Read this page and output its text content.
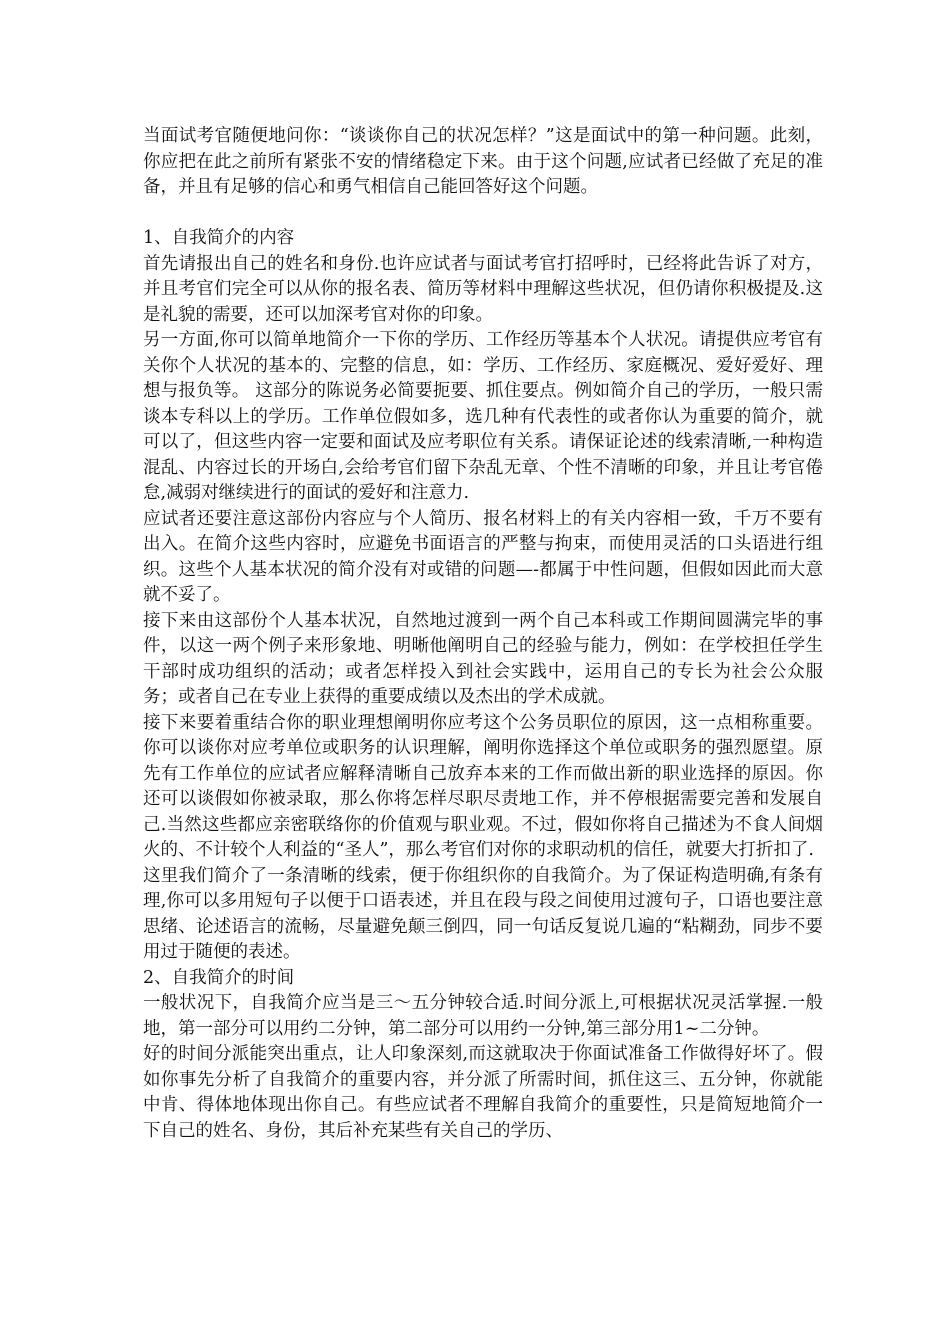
当面试考官随便地问你：“谈谈你自己的状况怎样？”这是面试中的第一种问题。此刻，你应把在此之前所有紧张不安的情绪稳定下来。由于这个问题,应试者已经做了充足的准备，并且有足够的信心和勇气相信自己能回答好这个问题。

1、自我简介的内容

首先请报出自己的姓名和身份.也许应试者与面试考官打招呼时，已经将此告诉了对方，并且考官们完全可以从你的报名表、简历等材料中理解这些状况，但仍请你积极提及.这是礼貌的需要，还可以加深考官对你的印象。

另一方面,你可以简单地简介一下你的学历、工作经历等基本个人状况。请提供应考官有关你个人状况的基本的、完整的信息，如：学历、工作经历、家庭概况、爱好爱好、理想与报负等。 这部分的陈说务必简要扼要、抓住要点。例如简介自己的学历，一般只需谈本专科以上的学历。工作单位假如多，选几种有代表性的或者你认为重要的简介，就可以了，但这些内容一定要和面试及应考职位有关系。请保证论述的线索清晰,一种构造混乱、内容过长的开场白,会给考官们留下杂乱无章、个性不清晰的印象，并且让考官倦怠,减弱对继续进行的面试的爱好和注意力.

应试者还要注意这部份内容应与个人简历、报名材料上的有关内容相一致，千万不要有出入。在简介这些内容时，应避免书面语言的严整与拘束，而使用灵活的口头语进行组织。这些个人基本状况的简介没有对或错的问题—-都属于中性问题，但假如因此而大意就不妥了。

接下来由这部份个人基本状况，自然地过渡到一两个自己本科或工作期间圆满完毕的事件，以这一两个例子来形象地、明晰他阐明自己的经验与能力，例如：在学校担任学生干部时成功组织的活动；或者怎样投入到社会实践中，运用自己的专长为社会公众服务；或者自己在专业上获得的重要成绩以及杰出的学术成就。

接下来要着重结合你的职业理想阐明你应考这个公务员职位的原因，这一点相称重要。你可以谈你对应考单位或职务的认识理解，阐明你选择这个单位或职务的强烈愿望。原先有工作单位的应试者应解释清晰自己放弃本来的工作而做出新的职业选择的原因。你还可以谈假如你被录取，那么你将怎样尽职尽责地工作，并不停根据需要完善和发展自己.当然这些都应亲密联络你的价值观与职业观。不过，假如你将自己描述为不食人间烟火的、不计较个人利益的“圣人”，那么考官们对你的求职动机的信任，就要大打折扣了.

这里我们简介了一条清晰的线索，便于你组织你的自我简介。为了保证构造明确,有条有理,你可以多用短句子以便于口语表述，并且在段与段之间使用过渡句子，口语也要注意思绪、论述语言的流畅，尽量避免颠三倒四，同一句话反复说几遍的“粘糊劲，同步不要用过于随便的表述。

2、自我简介的时间

一般状况下，自我简介应当是三～五分钟较合适.时间分派上,可根据状况灵活掌握.一般地，第一部分可以用约二分钟，第二部分可以用约一分钟,第三部分用1~二分钟。

好的时间分派能突出重点，让人印象深刻,而这就取决于你面试准备工作做得好坏了。假如你事先分析了自我简介的重要内容，并分派了所需时间，抓住这三、五分钟，你就能中肯、得体地体现出你自己。有些应试者不理解自我简介的重要性，只是简短地简介一下自己的姓名、身份，其后补充某些有关自己的学历、
